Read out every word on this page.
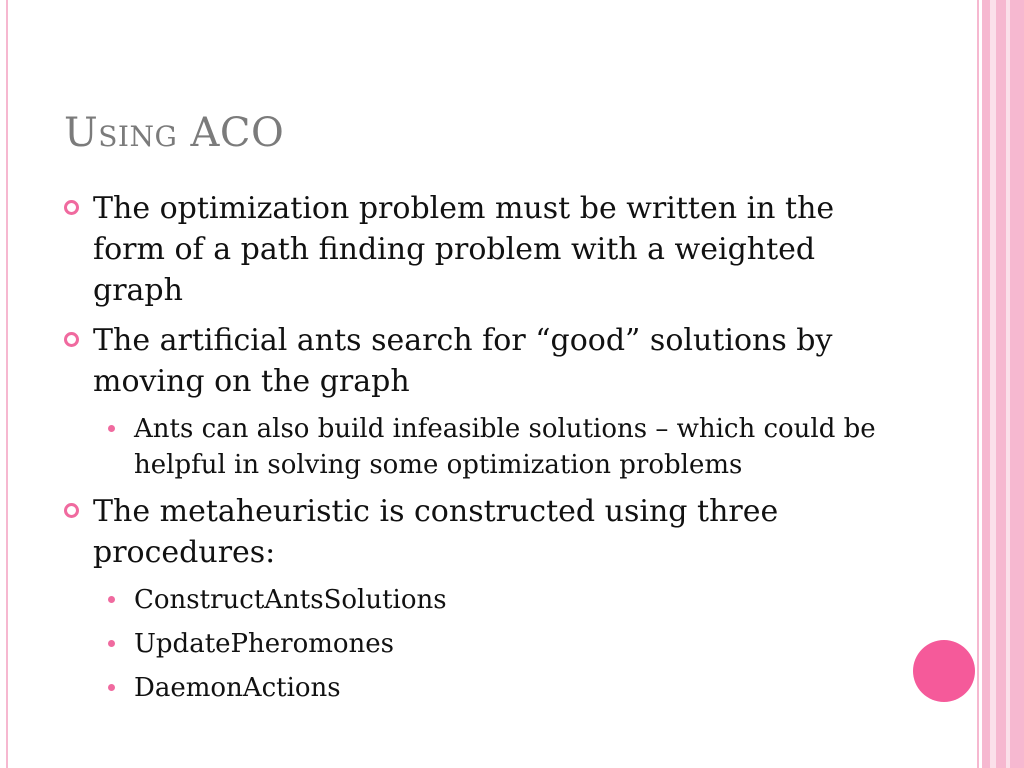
Using ACO
The optimization problem must be written in the form of a path finding problem with a weighted graph
The artificial ants search for “good” solutions by moving on the graph
Ants can also build infeasible solutions – which could be helpful in solving some optimization problems
The metaheuristic is constructed using three procedures:
ConstructAntsSolutions
UpdatePheromones
DaemonActions
